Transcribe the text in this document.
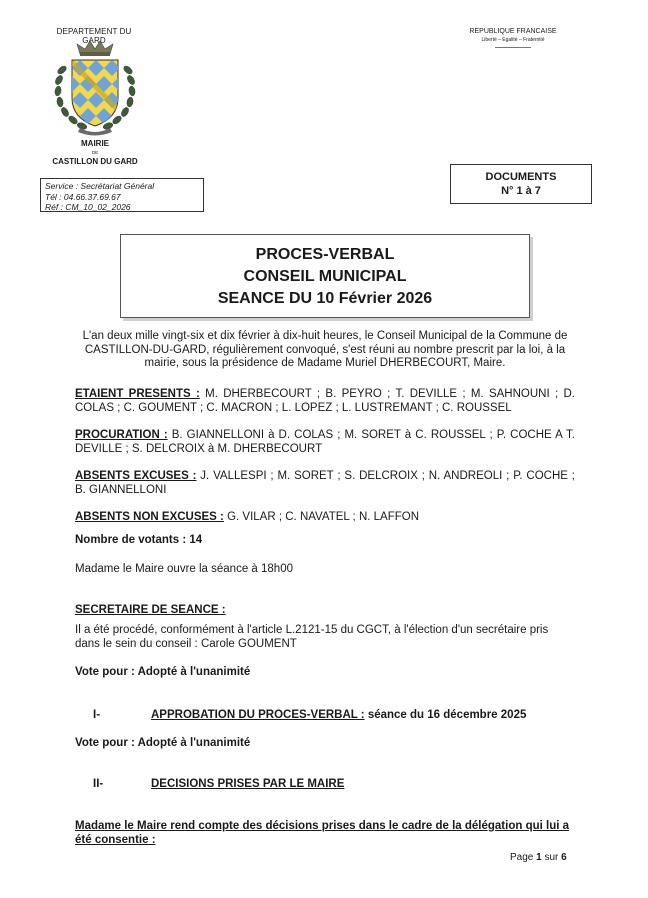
DEPARTEMENT DU GARD
REPUBLIQUE FRANCAISE
Liberté – Egalité – Fraternité
MAIRIE
DE
CASTILLON DU GARD
Service : Secrétariat Général
Tél : 04.66.37.69.67
Réf : CM_10_02_2026
DOCUMENTS
N° 1 à 7
PROCES-VERBAL
CONSEIL MUNICIPAL
SEANCE DU 10 Février 2026
L'an deux mille vingt-six et dix février à dix-huit heures, le Conseil Municipal de la Commune de CASTILLON-DU-GARD, régulièrement convoqué, s'est réuni au nombre prescrit par la loi, à la mairie, sous la présidence de Madame Muriel DHERBECOURT, Maire.
ETAIENT PRESENTS : M. DHERBECOURT ; B. PEYRO ; T. DEVILLE ; M. SAHNOUNI ; D. COLAS ; C. GOUMENT ; C. MACRON ; L. LOPEZ ; L. LUSTREMANT ; C. ROUSSEL
PROCURATION : B. GIANNELLONI à D. COLAS ; M. SORET à C. ROUSSEL ; P. COCHE A T. DEVILLE ; S. DELCROIX à M. DHERBECOURT
ABSENTS EXCUSES : J. VALLESPI ; M. SORET ; S. DELCROIX ; N. ANDREOLI ; P. COCHE ; B. GIANNELLONI
ABSENTS NON EXCUSES : G. VILAR ; C. NAVATEL ; N. LAFFON
Nombre de votants : 14
Madame le Maire ouvre la séance à 18h00
SECRETAIRE DE SEANCE :
Il a été procédé, conformément à l'article L.2121-15 du CGCT, à l'élection d'un secrétaire pris dans le sein du conseil : Carole GOUMENT
Vote pour : Adopté à l'unanimité
I-	APPROBATION DU PROCES-VERBAL : séance du 16 décembre 2025
Vote pour : Adopté à l'unanimité
II-	DECISIONS PRISES PAR LE MAIRE
Madame le Maire rend compte des décisions prises dans le cadre de la délégation qui lui a été consentie :
Page 1 sur 6
